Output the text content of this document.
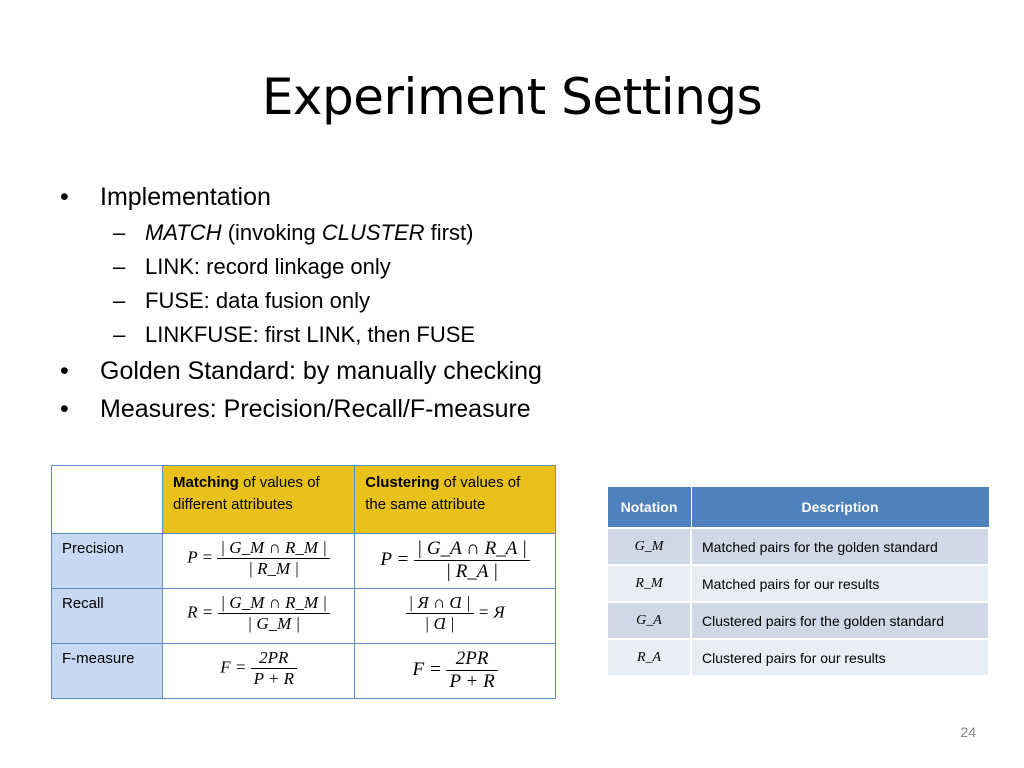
Experiment Settings
• Implementation
– MATCH (invoking CLUSTER first)
– LINK: record linkage only
– FUSE: data fusion only
– LINKFUSE: first LINK, then FUSE
• Golden Standard: by manually checking
• Measures: Precision/Recall/F-measure
	Matching of values of different attributes	Clustering of values of the same attribute
Precision	$P = \frac{| G\_M \cap R\_M |}{| R\_M |}$	$P = \frac{| G\_A \cap R\_A |}{| R\_A |}$

Recall	$R = \frac{| G\_M \cap R\_M |}{| G\_M |}$	$\frac{\text{| Я ∩ Ɑ |}}{\text{| Ɑ |}} = Я$
F-measure	$F = \frac{2PR}{P + R}$	$F = \frac{2PR}{P + R}$
Notation	Description
G_M	Matched pairs for the golden standard
R_M	Matched pairs for our results
G_A	Clustered pairs for the golden standard
R_A	Clustered pairs for our results
24
